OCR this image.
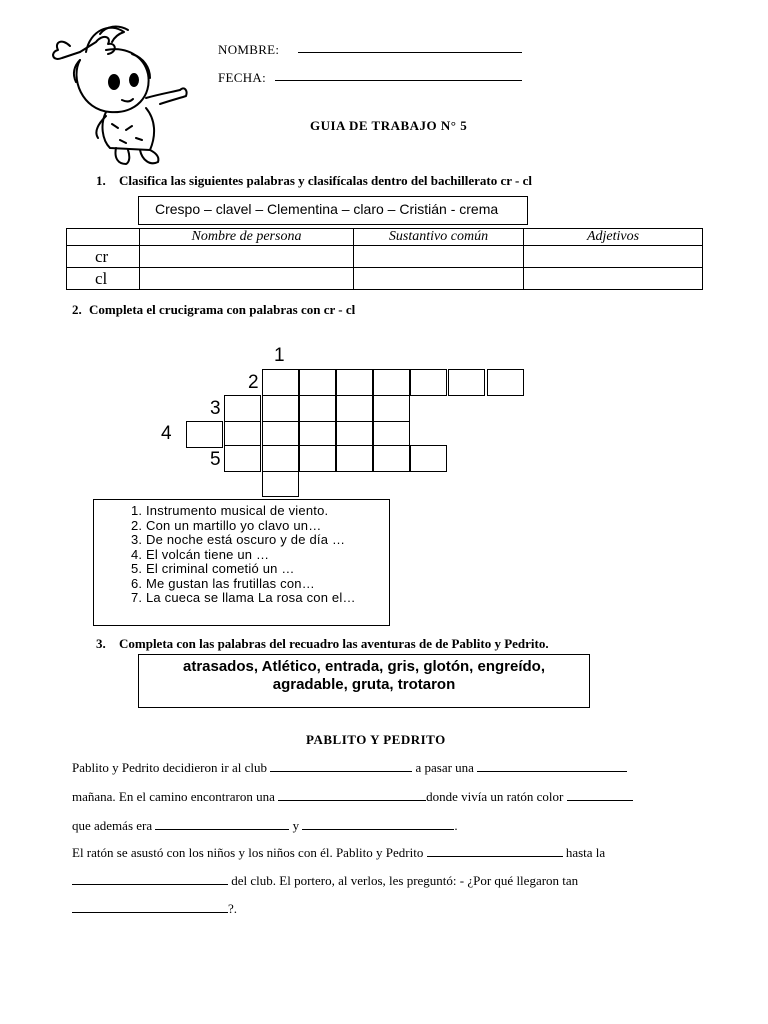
NOMBRE:
FECHA:
GUIA DE TRABAJO N° 5
1. Clasifica las siguientes palabras y clasifícalas dentro del bachillerato cr - cl
Crespo – clavel – Clementina – claro – Cristián - crema
	Nombre de persona	Sustantivo común	Adjetivos
cr			
cl			
2. Completa el crucigrama con palabras con cr - cl
1
2
3
4
5
1. Instrumento musical de viento.
2. Con un martillo yo clavo un…
3. De noche está oscuro y de día …
4. El volcán tiene un …
5. El criminal cometió un …
6. Me gustan las frutillas con…
7. La cueca se llama La rosa con el…
3. Completa con las palabras del recuadro las aventuras de de Pablito y Pedrito.
atrasados, Atlético, entrada, gris, glotón, engreído,
agradable, gruta, trotaron
PABLITO Y PEDRITO
Pablito y Pedrito decidieron ir al club	a pasar una
mañana. En el camino encontraron una	donde vivía un ratón color
que además era	y	.
El ratón se asustó con los niños y los niños con él. Pablito y Pedrito	hasta la
del club. El portero, al verlos, les preguntó: - ¿Por qué llegaron tan
?.
